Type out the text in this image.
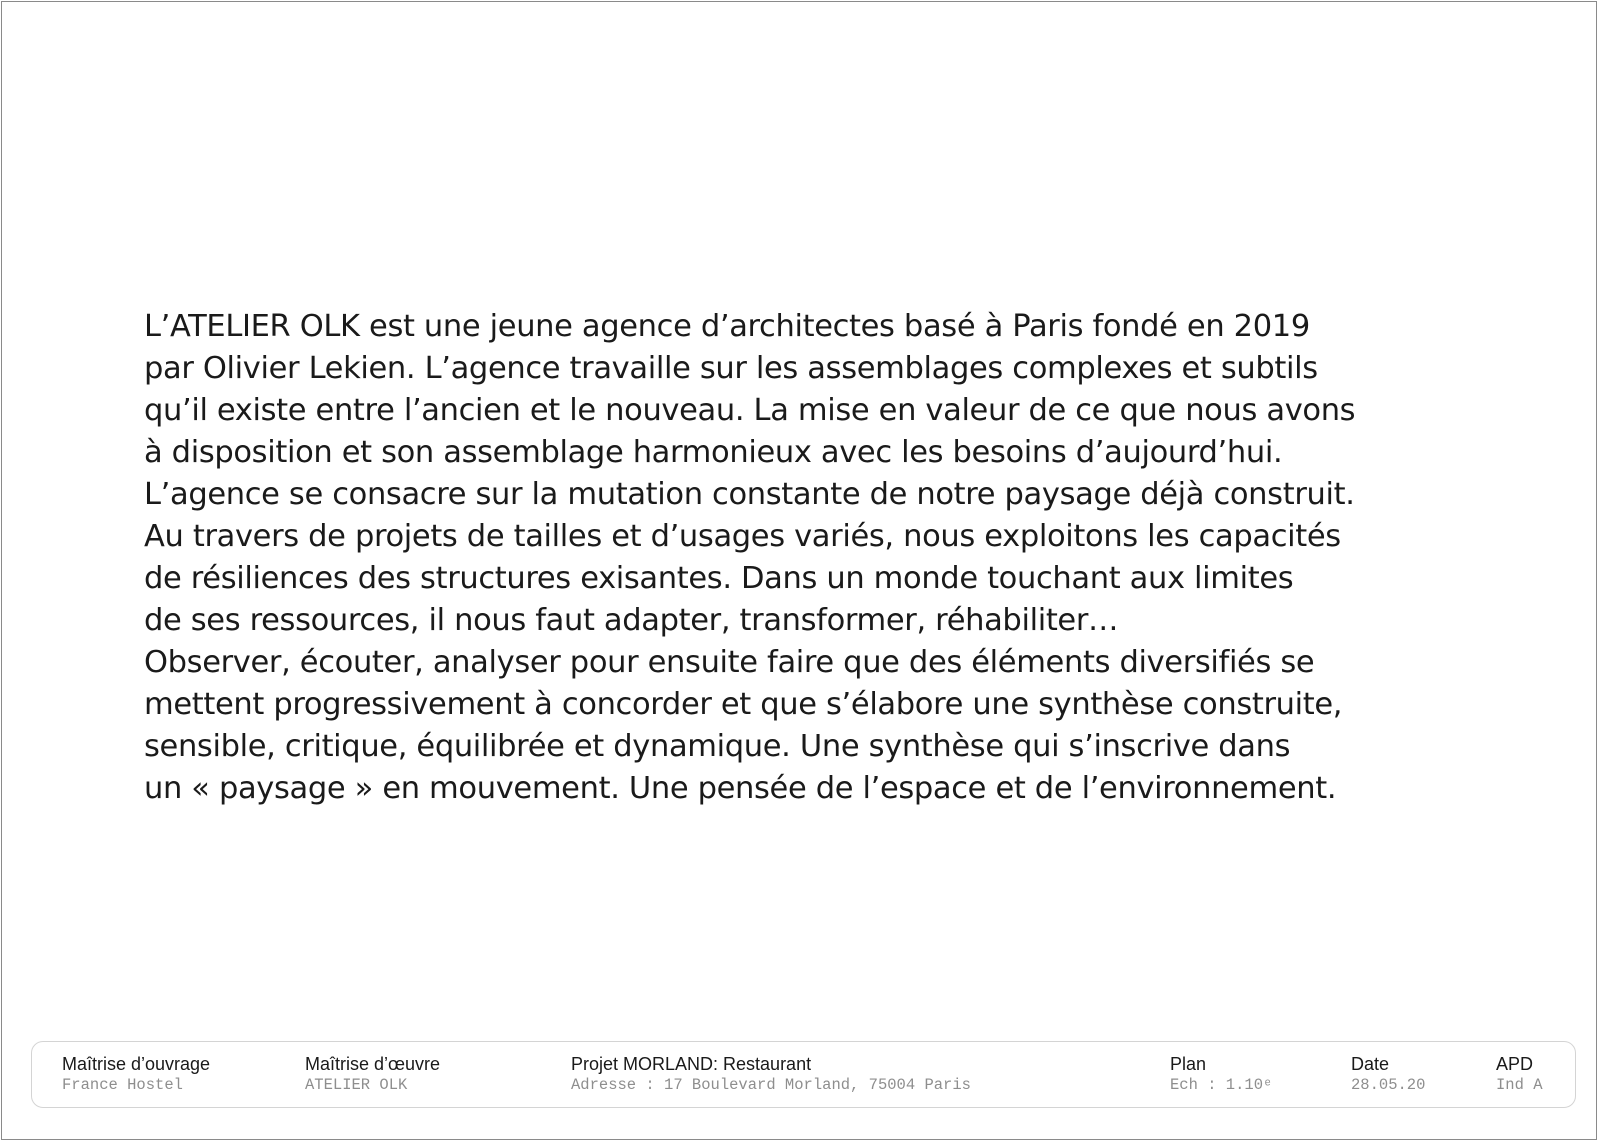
L’ATELIER OLK est une jeune agence d’architectes basé à Paris fondé en 2019
par Olivier Lekien. L’agence travaille sur les assemblages complexes et subtils
qu’il existe entre l’ancien et le nouveau. La mise en valeur de ce que nous avons
à disposition et son assemblage harmonieux avec les besoins d’aujourd’hui.
L’agence se consacre sur la mutation constante de notre paysage déjà construit.
Au travers de projets de tailles et d’usages variés, nous exploitons les capacités
de résiliences des structures exisantes. Dans un monde touchant aux limites
de ses ressources, il nous faut adapter, transformer, réhabiliter…
Observer, écouter, analyser pour ensuite faire que des éléments diversifiés se
mettent progressivement à concorder et que s’élabore une synthèse construite,
sensible, critique, équilibrée et dynamique. Une synthèse qui s’inscrive dans
un « paysage » en mouvement. Une pensée de l’espace et de l’environnement.

Maîtrise d’ouvrage
France Hostel
Maîtrise d’œuvre
ATELIER OLK
Projet MORLAND: Restaurant
Adresse : 17 Boulevard Morland, 75004 Paris
Plan
Ech : 1.10ᵉ
Date
28.05.20
APD
Ind A
